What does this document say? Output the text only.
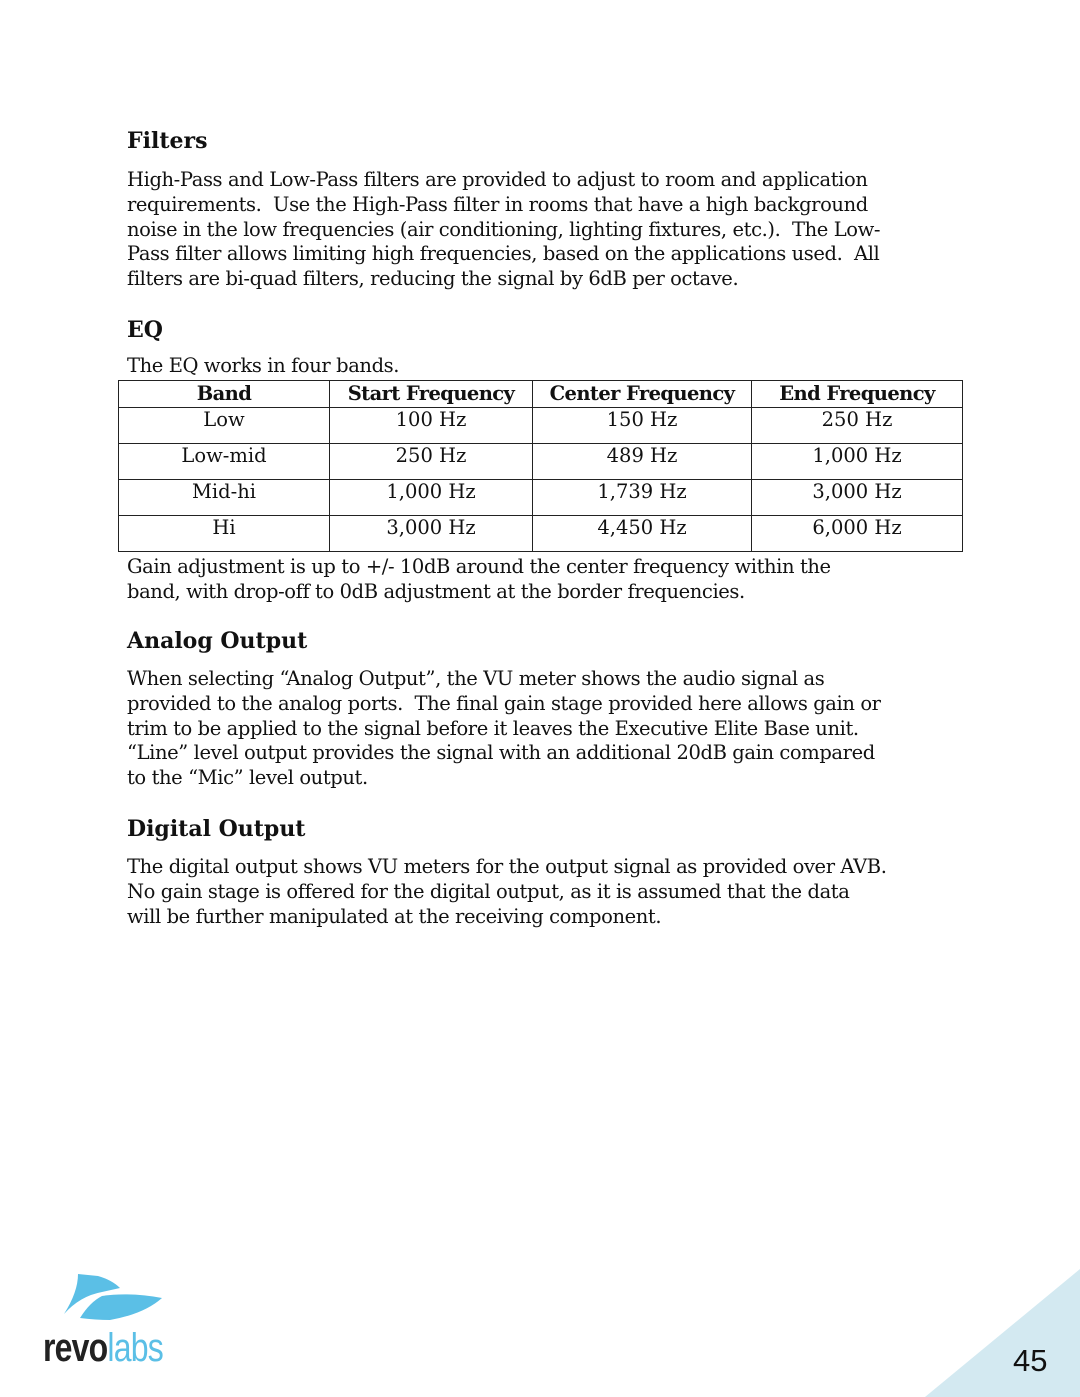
Filters
High-Pass and Low-Pass filters are provided to adjust to room and application
requirements.  Use the High-Pass filter in rooms that have a high background
noise in the low frequencies (air conditioning, lighting fixtures, etc.).  The Low-
Pass filter allows limiting high frequencies, based on the applications used.  All
filters are bi-quad filters, reducing the signal by 6dB per octave.
EQ
The EQ works in four bands.
Band	Start Frequency	Center Frequency	End Frequency
Low	100 Hz	150 Hz	250 Hz
Low-mid	250 Hz	489 Hz	1,000 Hz
Mid-hi	1,000 Hz	1,739 Hz	3,000 Hz
Hi	3,000 Hz	4,450 Hz	6,000 Hz
Gain adjustment is up to +/- 10dB around the center frequency within the
band, with drop-off to 0dB adjustment at the border frequencies.
Analog Output
When selecting “Analog Output”, the VU meter shows the audio signal as
provided to the analog ports.  The final gain stage provided here allows gain or
trim to be applied to the signal before it leaves the Executive Elite Base unit.
“Line” level output provides the signal with an additional 20dB gain compared
to the “Mic” level output.
Digital Output
The digital output shows VU meters for the output signal as provided over AVB.
No gain stage is offered for the digital output, as it is assumed that the data
will be further manipulated at the receiving component.
revolabs	45
